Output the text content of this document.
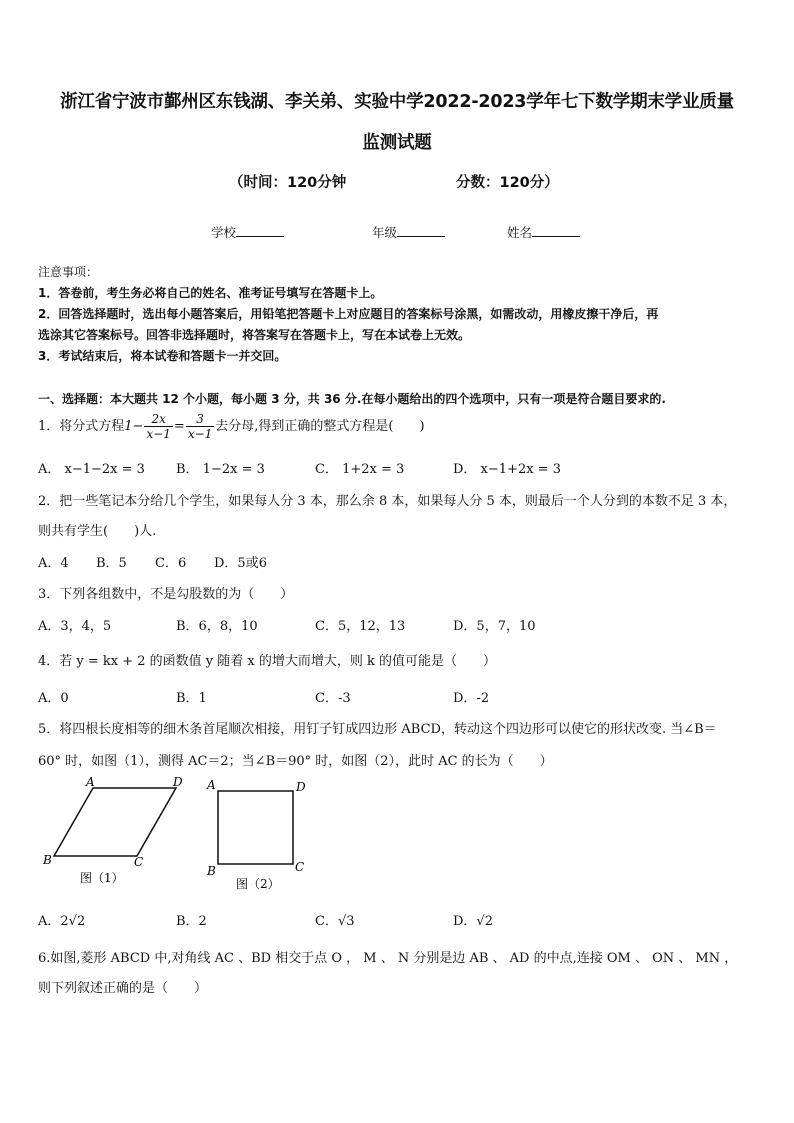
浙江省宁波市鄞州区东钱湖、李关弟、实验中学2022-2023学年七下数学期末学业质量
监测试题
（时间：120分钟	分数：120分）
学校	年级	姓名
注意事项：
1．答卷前，考生务必将自己的姓名、准考证号填写在答题卡上。
2．回答选择题时，选出每小题答案后，用铅笔把答题卡上对应题目的答案标号涂黑，如需改动，用橡皮擦干净后，再
选涂其它答案标号。回答非选择题时，将答案写在答题卡上，写在本试卷上无效。
3．考试结束后，将本试卷和答题卡一并交回。
一、选择题：本大题共 12 个小题，每小题 3 分，共 36 分.在每小题给出的四个选项中，只有一项是符合题目要求的.
1．将分式方程$1- \frac{2x}{x-1} = \frac{3}{x-1}$ 去分母,得到正确的整式方程是(　　)
A． x−1−2x = 3 B． 1−2x = 3	C． 1+2x = 3	D． x−1+2x = 3
2．把一些笔记本分给几个学生，如果每人分 3 本，那么余 8 本，如果每人分 5 本，则最后一个人分到的本数不足 3 本，
则共有学生(　　)人.
A．4 B．5 C．6 D．5或6
3．下列各组数中，不是勾股数的为（　　）
A．3，4，5	B．6，8，10	C．5，12，13	D．5，7，10
4．若 y = kx + 2 的函数值 y 随着 x 的增大而增大，则 k 的值可能是（　　）
A．0	B．1	C．-3	D．-2
5．将四根长度相等的细木条首尾顺次相接，用钉子钉成四边形 ABCD，转动这个四边形可以使它的形状改变. 当∠B＝
60° 时，如图（1），测得 AC＝2；当∠B＝90° 时，如图（2），此时 AC 的长为（　　）
A	D
B	C
图（1）
A	D
B	C
图（2）
A．2√2	B．2	C．√3	D．√2
6.如图,菱形 ABCD 中,对角线 AC 、BD 相交于点 O ， M 、 N 分别是边 AB 、 AD 的中点,连接 OM 、 ON 、 MN ，
则下列叙述正确的是（　　）
